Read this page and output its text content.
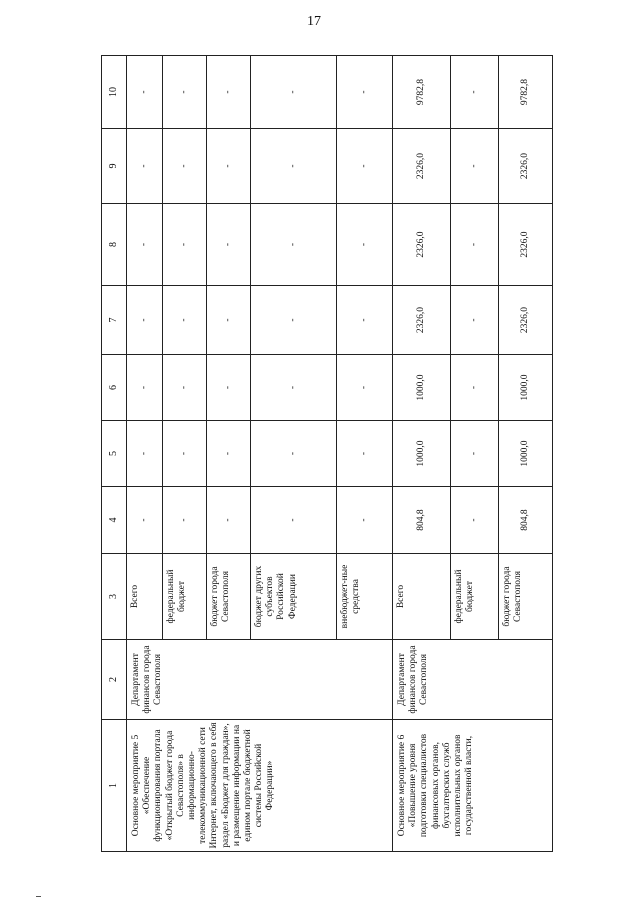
17
1	2	3	4	5	6	7	8	9	10
Основное мероприятие 5 «Обеспечение функционирования портала «Открытый бюджет города Севастополя» в информационно-телекоммуникационной сети Интернет, включающего в себя раздел «Бюджет для граждан», и размещение информации на едином портале бюджетной системы Российской Федерации»	Департамент финансов города Севастополя	Всего	-	-	-	-	-	-	-
		федеральный бюджет	-	-	-	-	-	-	-
		бюджет города Севастополя	-	-	-	-	-	-	-
		бюджет других субъектов Российской Федерации	-	-	-	-	-	-	-
		внебюджет-ные средства	-	-	-	-	-	-	-
Основное мероприятие 6 «Повышение уровня подготовки специалистов финансовых органов, бухгалтерских служб исполнительных органов государственной власти,	Департамент финансов города Севастополя	Всего	804,8	1000,0	1000,0	2326,0	2326,0	2326,0	9782,8
		федеральный бюджет	-	-	-	-	-	-	-
		бюджет города Севастополя	804,8	1000,0	1000,0	2326,0	2326,0	2326,0	9782,8
